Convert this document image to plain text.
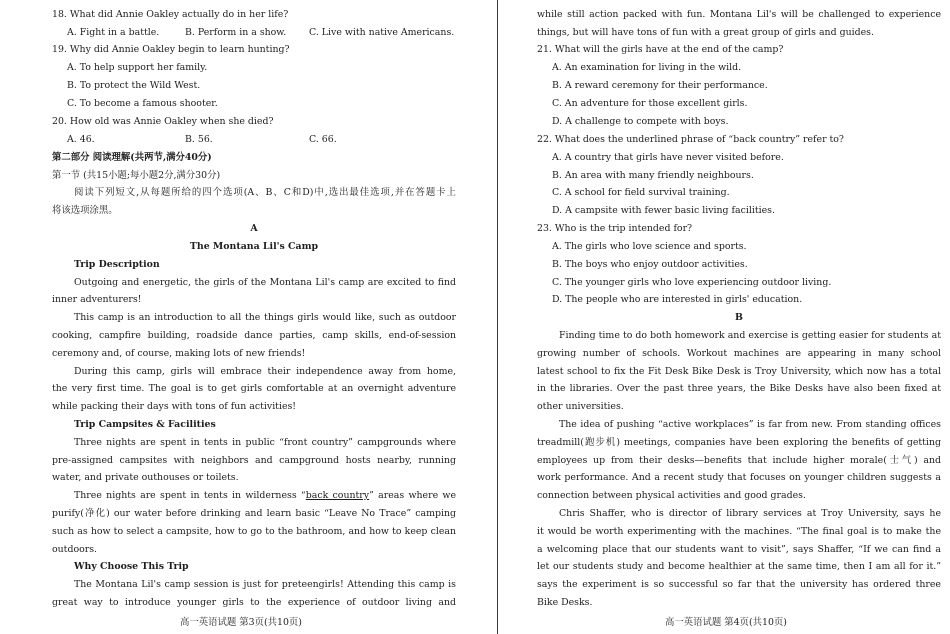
18. What did Annie Oakley actually do in her life?
A. Fight in a battle.	B. Perform in a show.	C. Live with native Americans.
19. Why did Annie Oakley begin to learn hunting?
A. To help support her family.
B. To protect the Wild West.
C. To become a famous shooter.
20. How old was Annie Oakley when she died?
A. 46.	B. 56.	C. 66.
第二部分 阅读理解(共两节,满分40分)
第一节 (共15小题;每小题2分,满分30分)
阅读下列短文,从每题所给的四个选项(A、B、C和D)中,选出最佳选项,并在答题卡上
将该选项涂黑。
A
The Montana Lil's Camp
Trip Description
Outgoing and energetic, the girls of the Montana Lil's camp are excited to find
inner adventurers!
This camp is an introduction to all the things girls would like, such as outdoor
cooking, campfire building, roadside dance parties, camp skills, end-of-session
ceremony and, of course, making lots of new friends!
During this camp, girls will embrace their independence away from home,
the very first time. The goal is to get girls comfortable at an overnight adventure
while packing their days with tons of fun activities!
Trip Campsites & Facilities
Three nights are spent in tents in public “front country” campgrounds where
pre-assigned campsites with neighbors and campground hosts nearby, running
water, and private outhouses or toilets.
Three nights are spent in tents in wilderness “back country” areas where we
purify(净化) our water before drinking and learn basic “Leave No Trace” camping
such as how to select a campsite, how to go to the bathroom, and how to keep clean
outdoors.
Why Choose This Trip
The Montana Lil's camp session is just for preteengirls! Attending this camp is
great way to introduce younger girls to the experience of outdoor living and
高一英语试题 第3页(共10页)
while still action packed with fun. Montana Lil's will be challenged to experience
things, but will have tons of fun with a great group of girls and guides.
21. What will the girls have at the end of the camp?
A. An examination for living in the wild.
B. A reward ceremony for their performance.
C. An adventure for those excellent girls.
D. A challenge to compete with boys.
22. What does the underlined phrase of “back country” refer to?
A. A country that girls have never visited before.
B. An area with many friendly neighbours.
C. A school for field survival training.
D. A campsite with fewer basic living facilities.
23. Who is the trip intended for?
A. The girls who love science and sports.
B. The boys who enjoy outdoor activities.
C. The younger girls who love experiencing outdoor living.
D. The people who are interested in girls' education.
B
Finding time to do both homework and exercise is getting easier for students at
growing number of schools. Workout machines are appearing in many school
latest school to fix the Fit Desk Bike Desk is Troy University, which now has a total
in the libraries. Over the past three years, the Bike Desks have also been fixed at
other universities.
The idea of pushing “active workplaces” is far from new. From standing offices
treadmill(跑步机) meetings, companies have been exploring the benefits of getting
employees up from their desks—benefits that include higher morale(士气) and
work performance. And a recent study that focuses on younger children suggests a
connection between physical activities and good grades.
Chris Shaffer, who is director of library services at Troy University, says he
it would be worth experimenting with the machines. “The final goal is to make the
a welcoming place that our students want to visit”, says Shaffer, “If we can find a
let our students study and become healthier at the same time, then I am all for it.”
says the experiment is so successful so far that the university has ordered three
Bike Desks.
高一英语试题 第4页(共10页)
